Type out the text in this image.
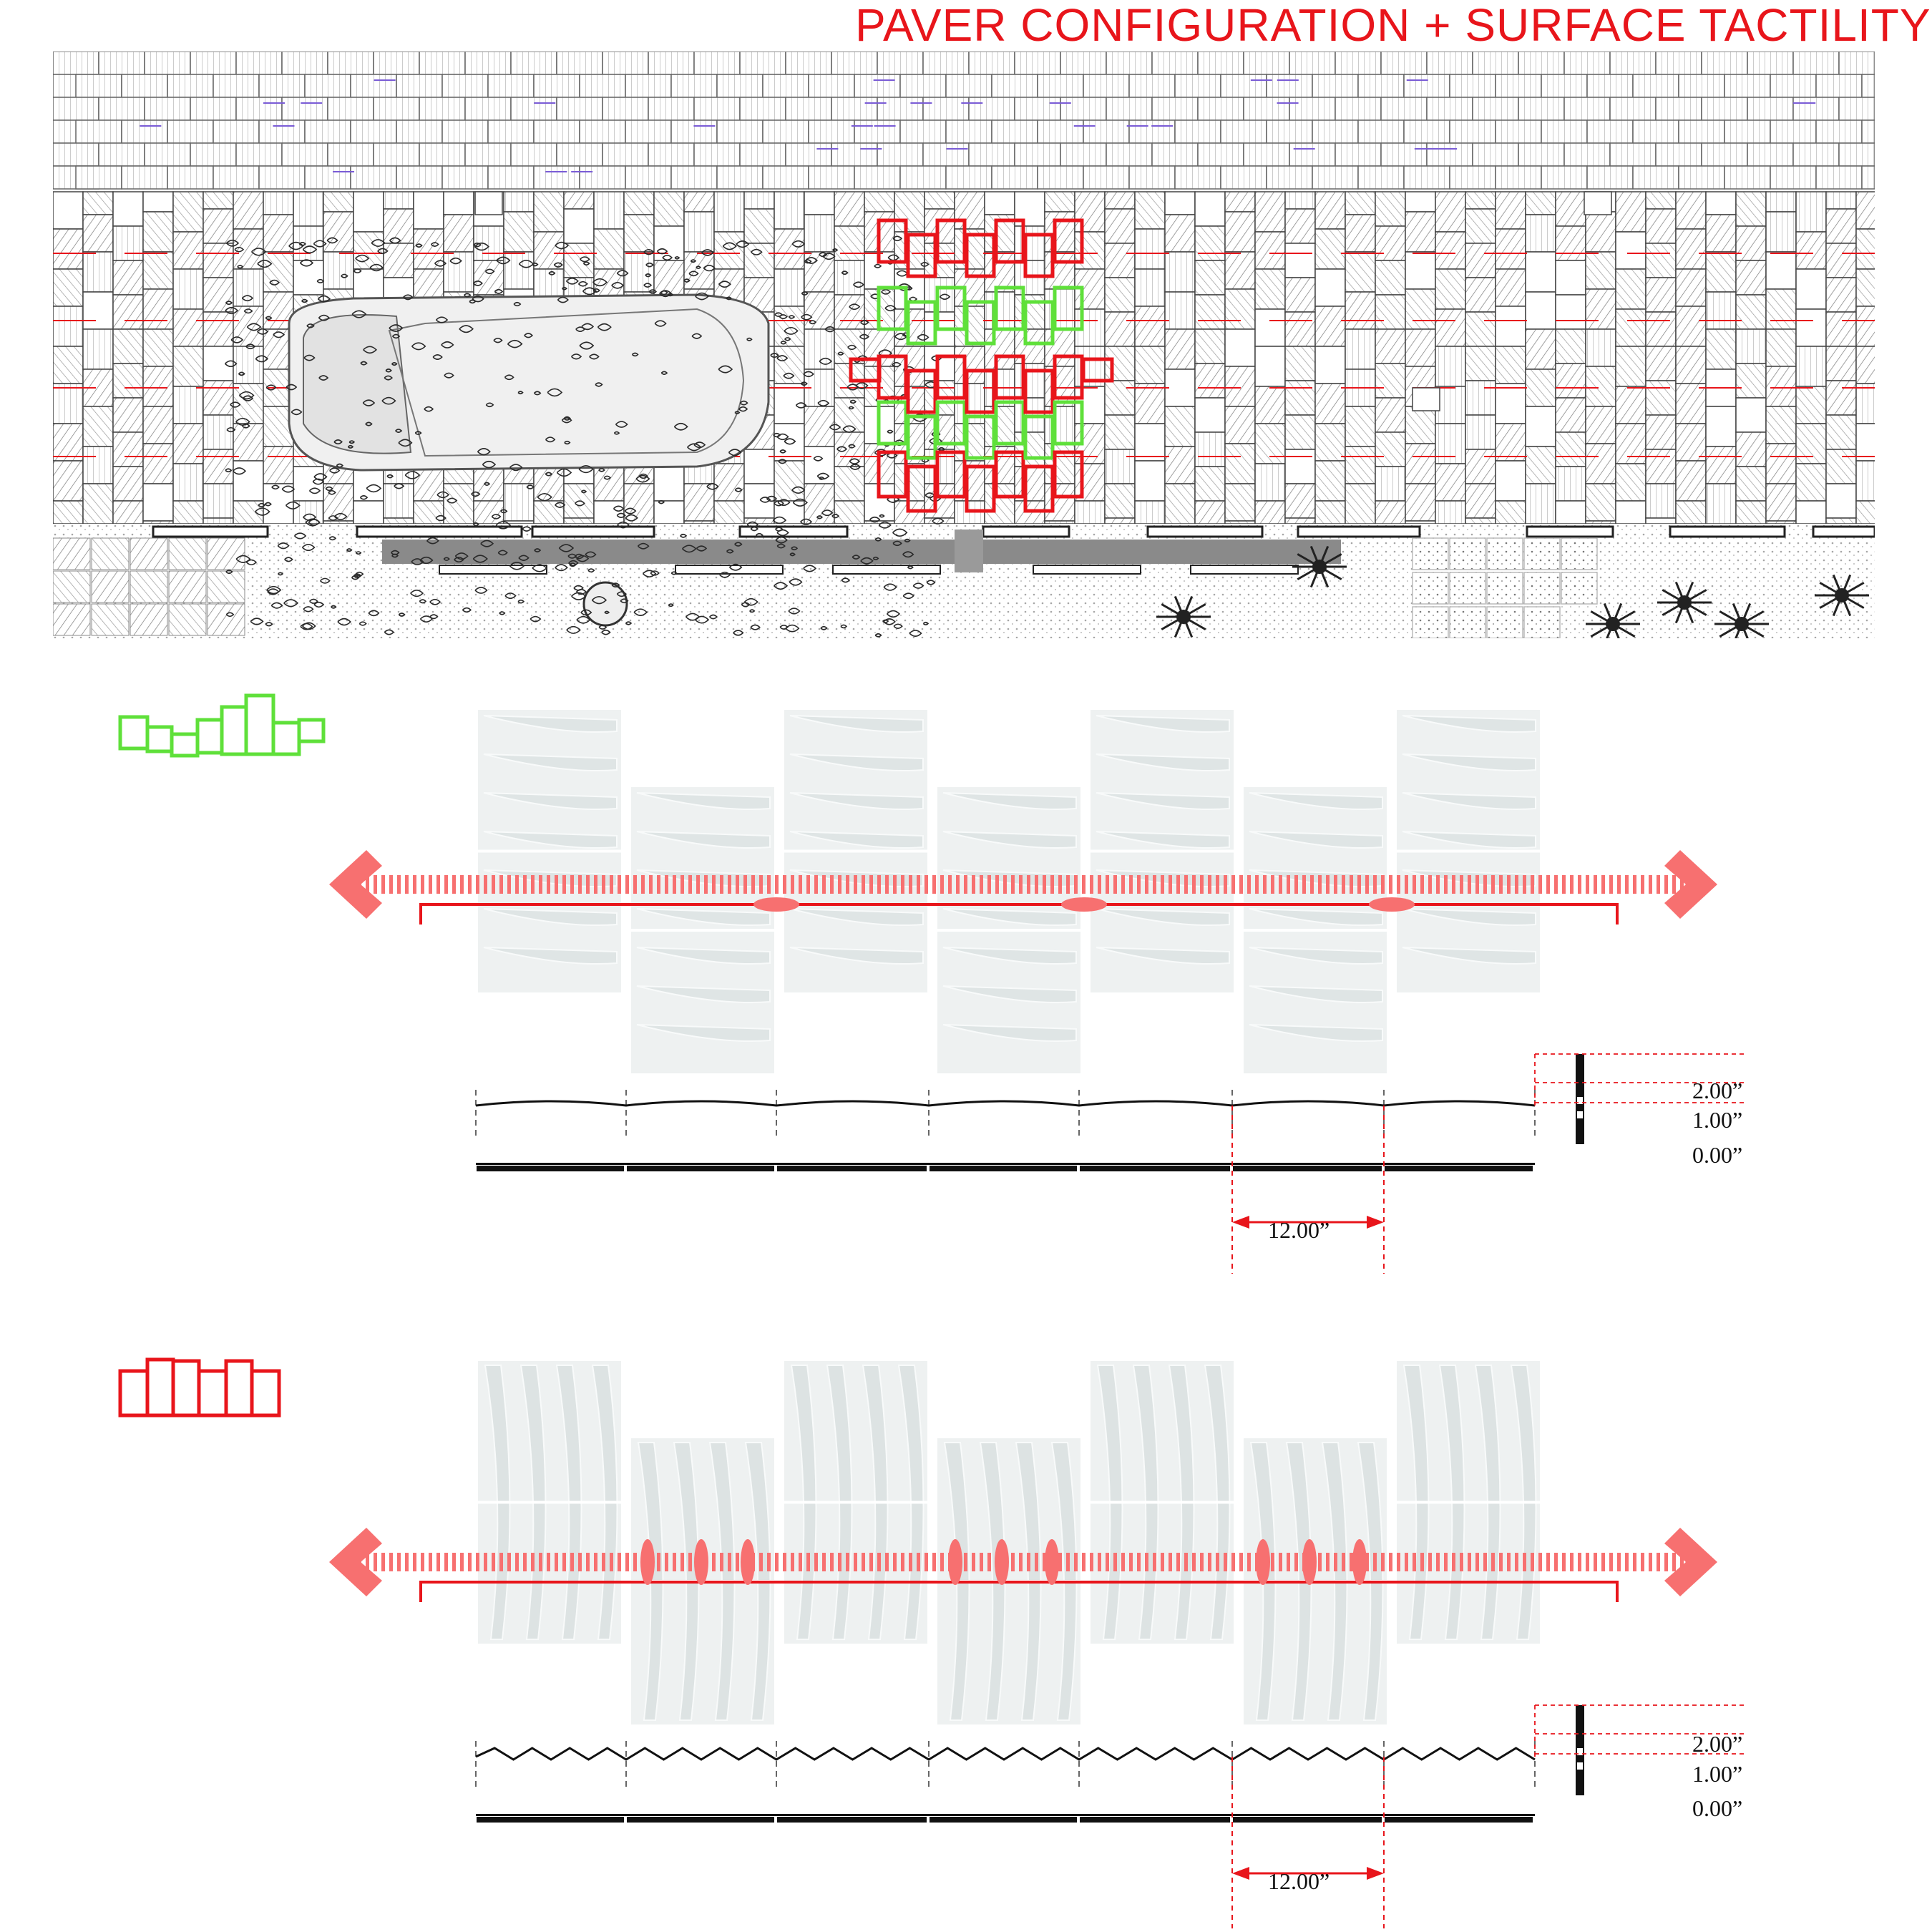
PAVER CONFIGURATION + SURFACE TACTILITY
2.00”
1.00”
0.00”
12.00”
2.00”
1.00”
0.00”
12.00”
